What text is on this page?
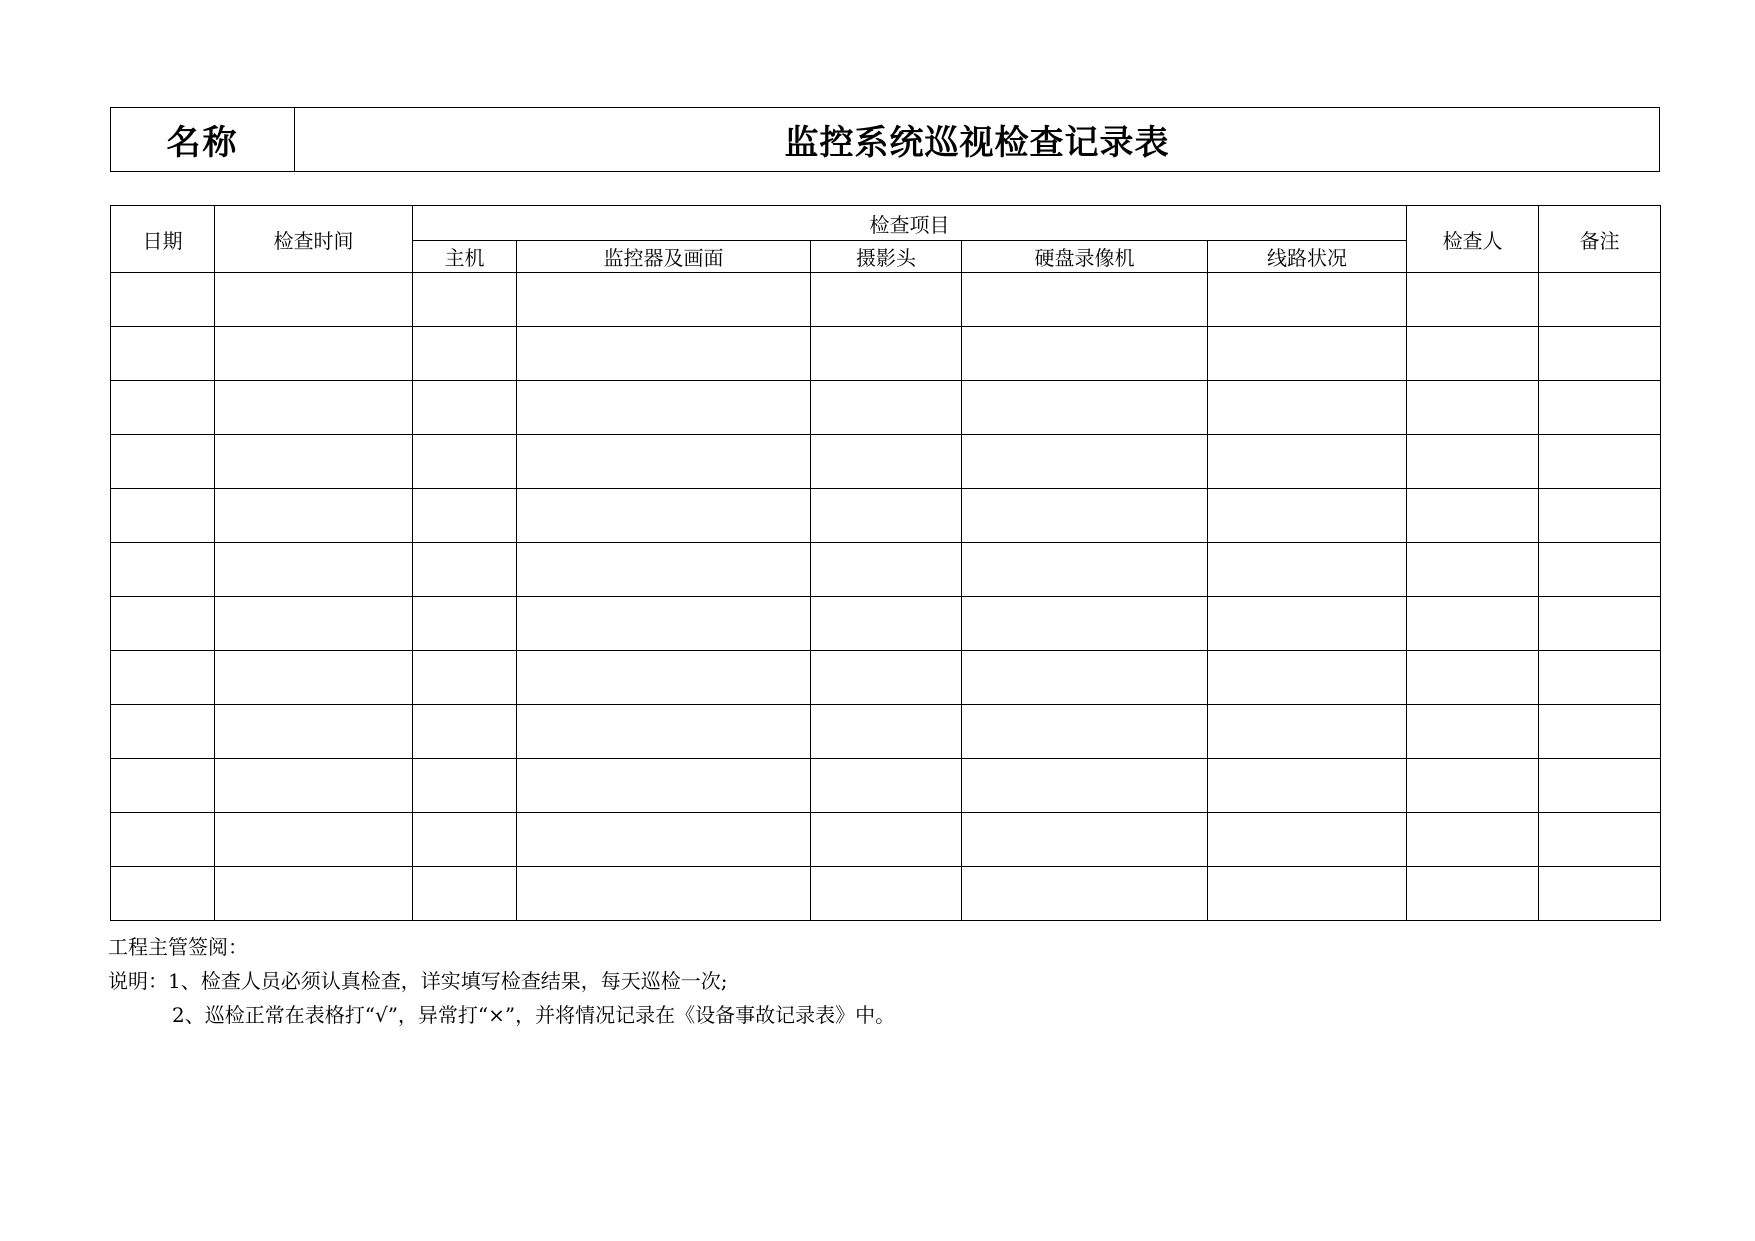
名称	监控系统巡视检查记录表
日期	检查时间	检查项目					检查人	备注
		主机	监控器及画面	摄影头	硬盘录像机	线路状况		

工程主管签阅：
说明：1、检查人员必须认真检查，详实填写检查结果，每天巡检一次;
2、巡检正常在表格打“√”，异常打“×”，并将情况记录在《设备事故记录表》中。
